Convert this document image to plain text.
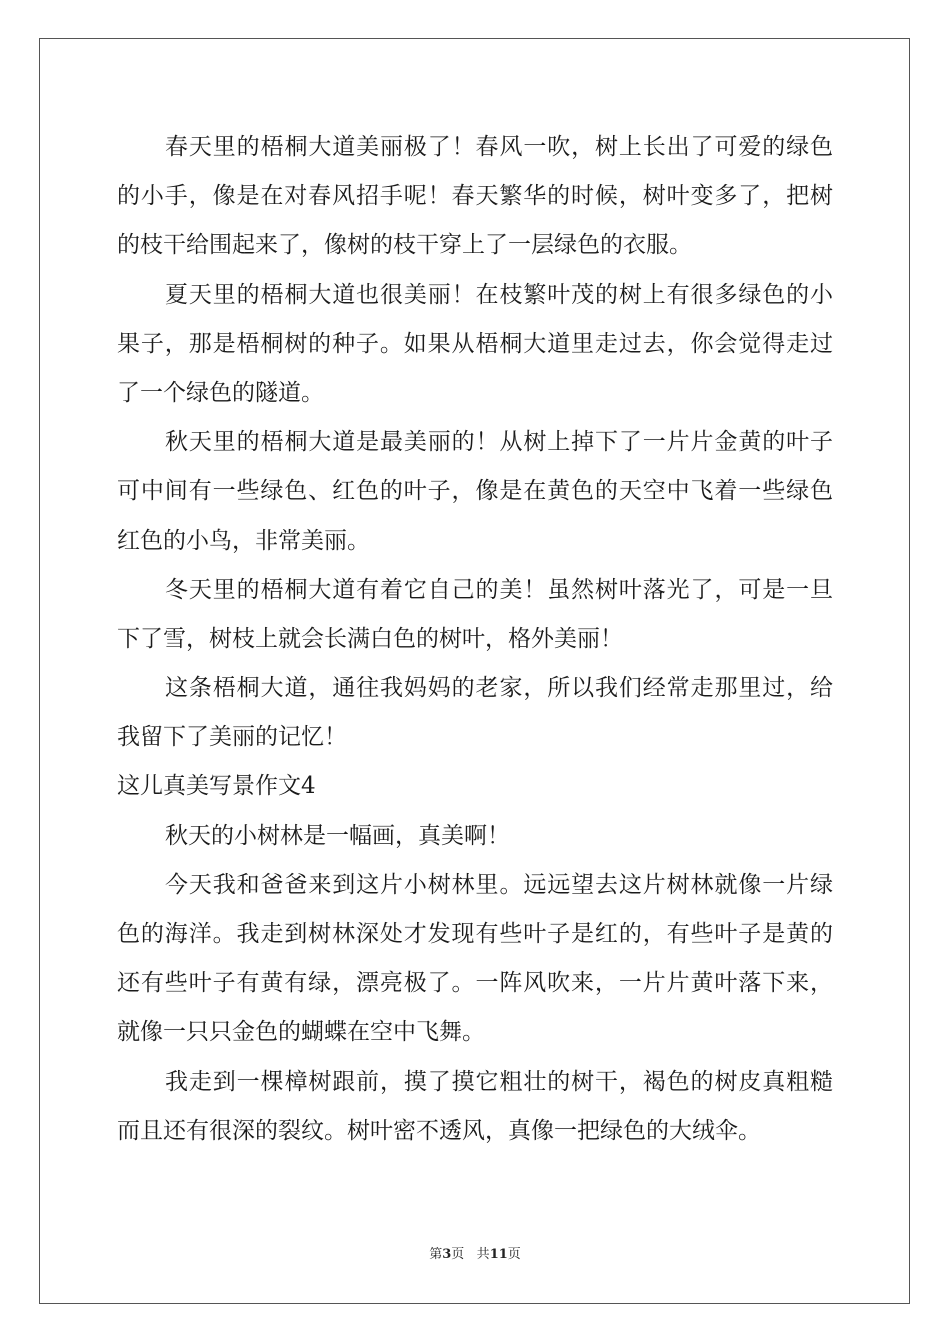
春天里的梧桐大道美丽极了！春风一吹，树上长出了可爱的绿色
的小手，像是在对春风招手呢！春天繁华的时候，树叶变多了，把树
的枝干给围起来了，像树的枝干穿上了一层绿色的衣服。
夏天里的梧桐大道也很美丽！在枝繁叶茂的树上有很多绿色的小
果子，那是梧桐树的种子。如果从梧桐大道里走过去，你会觉得走过
了一个绿色的隧道。
秋天里的梧桐大道是最美丽的！从树上掉下了一片片金黄的叶子
可中间有一些绿色、红色的叶子，像是在黄色的天空中飞着一些绿色
红色的小鸟，非常美丽。
冬天里的梧桐大道有着它自己的美！虽然树叶落光了，可是一旦
下了雪，树枝上就会长满白色的树叶，格外美丽！
这条梧桐大道，通往我妈妈的老家，所以我们经常走那里过，给
我留下了美丽的记忆！
这儿真美写景作文4
秋天的小树林是一幅画，真美啊！
今天我和爸爸来到这片小树林里。远远望去这片树林就像一片绿
色的海洋。我走到树林深处才发现有些叶子是红的，有些叶子是黄的
还有些叶子有黄有绿，漂亮极了。一阵风吹来，一片片黄叶落下来，
就像一只只金色的蝴蝶在空中飞舞。
我走到一棵樟树跟前，摸了摸它粗壮的树干，褐色的树皮真粗糙
而且还有很深的裂纹。树叶密不透风，真像一把绿色的大绒伞。
第3页 共11页
